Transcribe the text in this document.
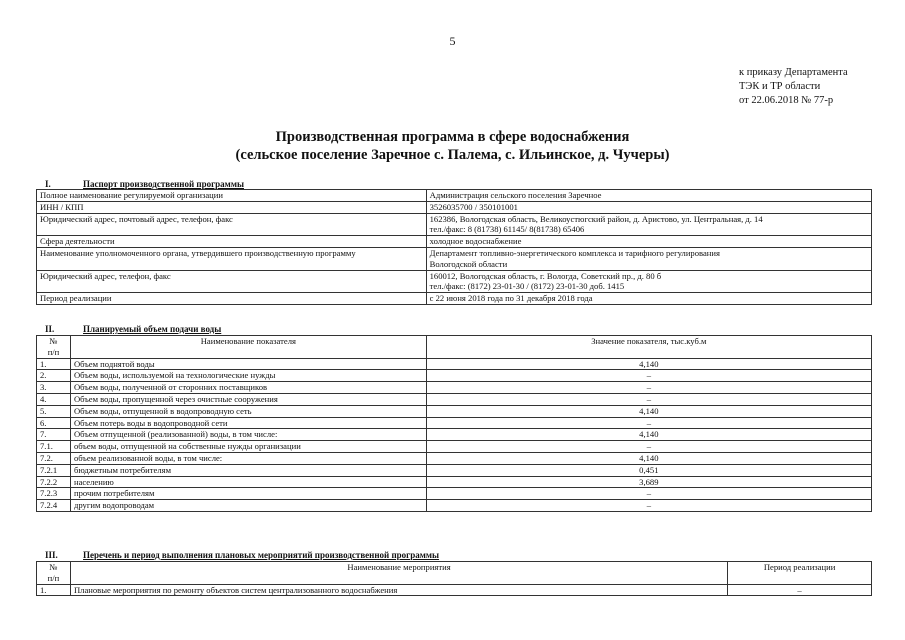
5
к приказу Департамента
ТЭК и ТР области
от 22.06.2018 № 77-р
Производственная программа в сфере водоснабжения
(сельское поселение Заречное с. Палема, с. Ильинское, д. Чучеры)
I.	Паспорт производственной программы
Полное наименование регулируемой организации	Администрация сельского поселения Заречное
ИНН / КПП	3526035700 / 350101001
Юридический адрес, почтовый адрес, телефон, факс	162386, Вологодская область, Великоустюгский район, д. Аристово, ул. Центральная, д. 14
тел./факс: 8 (81738) 61145/ 8(81738) 65406
Сфера деятельности	холодное водоснабжение
Наименование уполномоченного органа, утвердившего производственную программу	Департамент топливно-энергетического комплекса и тарифного регулирования
Вологодской области
Юридический адрес, телефон, факс	160012, Вологодская область, г. Вологда, Советский пр., д. 80 б
тел./факс: (8172) 23-01-30 / (8172) 23-01-30 доб. 1415
Период реализации	с 22 июня 2018 года по 31 декабря 2018 года
II.	Планируемый объем подачи воды
№
п/п	Наименование показателя	Значение показателя, тыс.куб.м
1.	Объем поднятой воды	4,140
2.	Объем воды, используемой на технологические нужды	–
3.	Объем воды, полученной от сторонних поставщиков	–
4.	Объем воды, пропущенной через очистные сооружения	–
5.	Объем воды, отпущенной в водопроводную сеть	4,140
6.	Объем потерь воды в водопроводной сети	–
7.	Объем отпущенной (реализованной) воды, в том числе:	4,140
7.1.	объем воды, отпущенной на собственные нужды организации	–
7.2.	объем реализованной воды, в том числе:	4,140
7.2.1	бюджетным потребителям	0,451
7.2.2	населению	3,689
7.2.3	прочим потребителям	–
7.2.4	другим водопроводам	–
III.	Перечень и период выполнения плановых мероприятий производственной программы
№
п/п	Наименование мероприятия	Период реализации
1.	Плановые мероприятия по ремонту объектов систем централизованного водоснабжения	–
